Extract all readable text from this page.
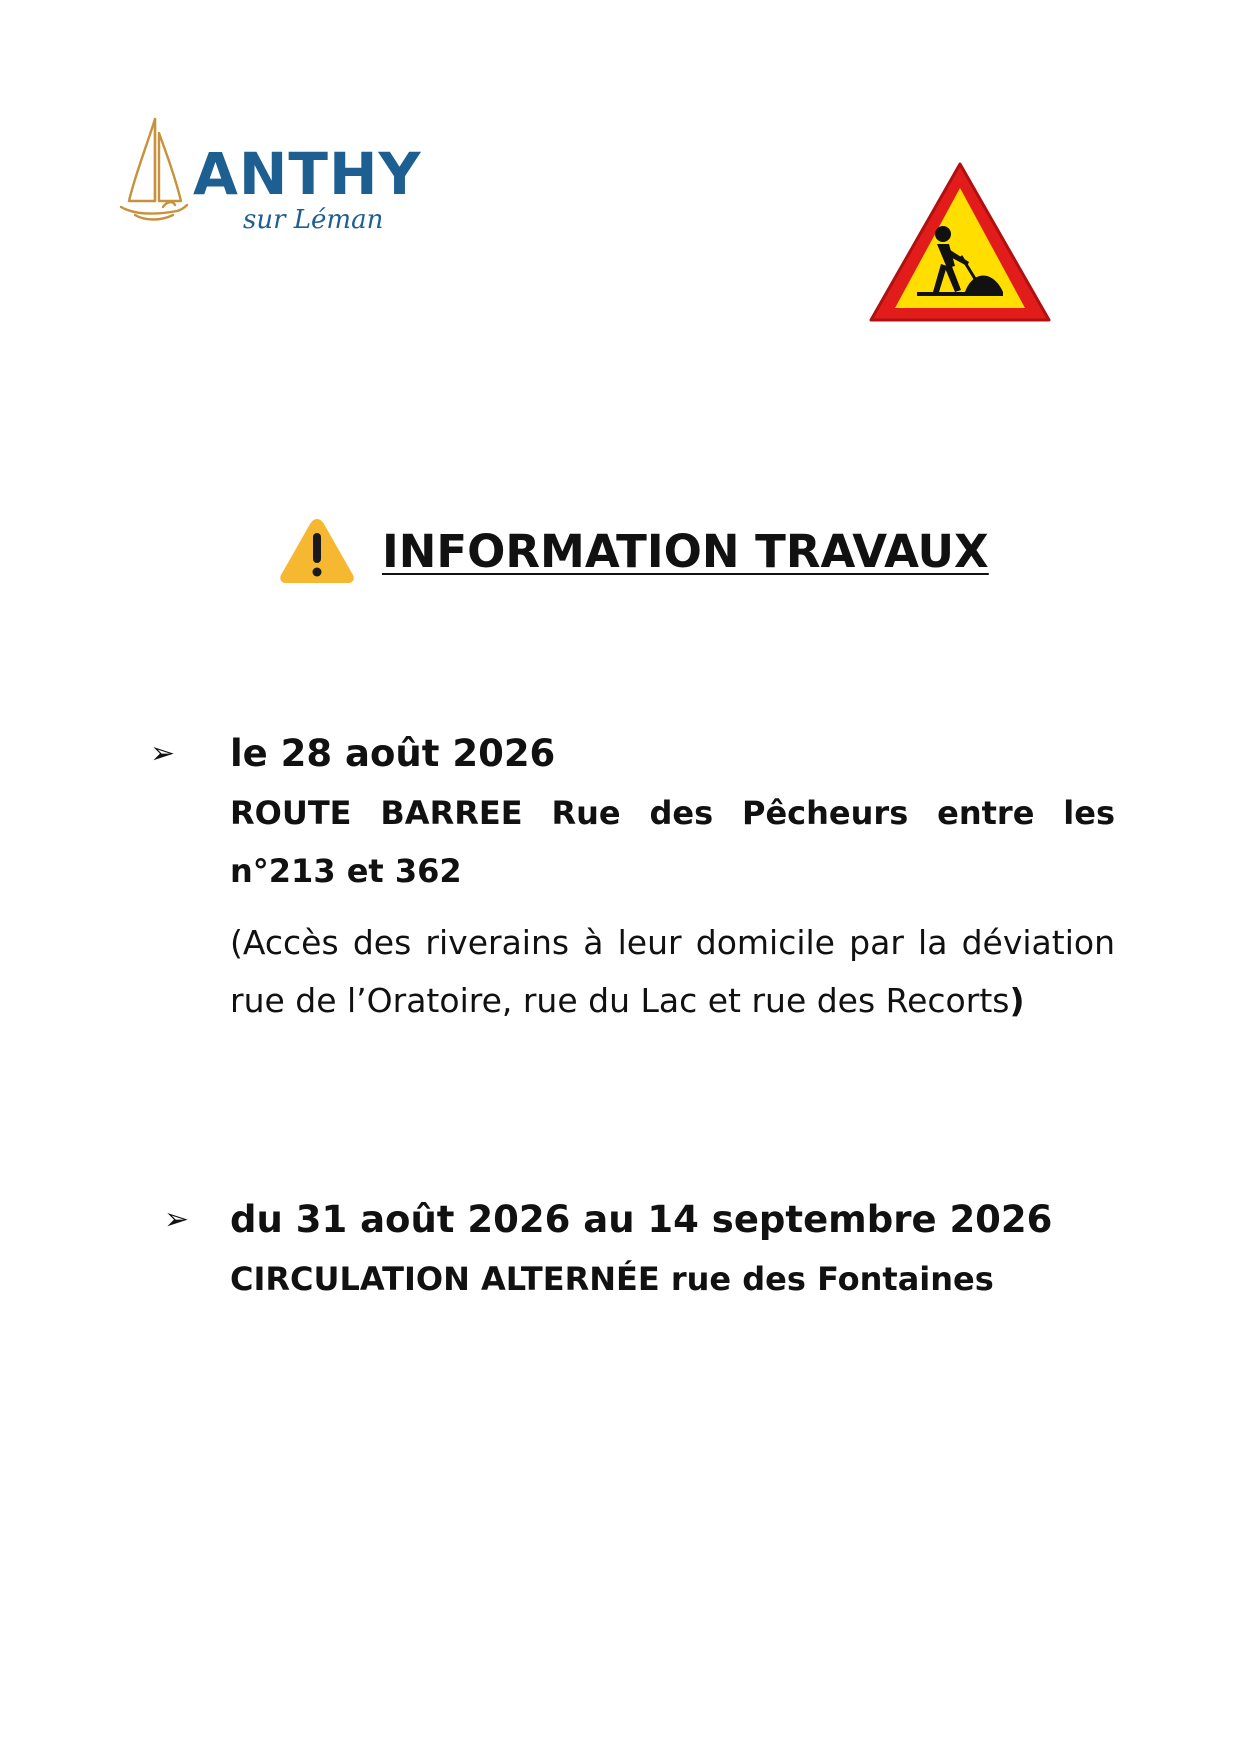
ANTHY
sur Léman
INFORMATION TRAVAUX
➢ le 28 août 2026

ROUTE BARREE Rue des Pêcheurs entre les n°213 et 362

(Accès des riverains à leur domicile par la déviation rue de l’Oratoire, rue du Lac et rue des Recorts)

➢ du 31 août 2026 au 14 septembre 2026

CIRCULATION ALTERNÉE rue des Fontaines
